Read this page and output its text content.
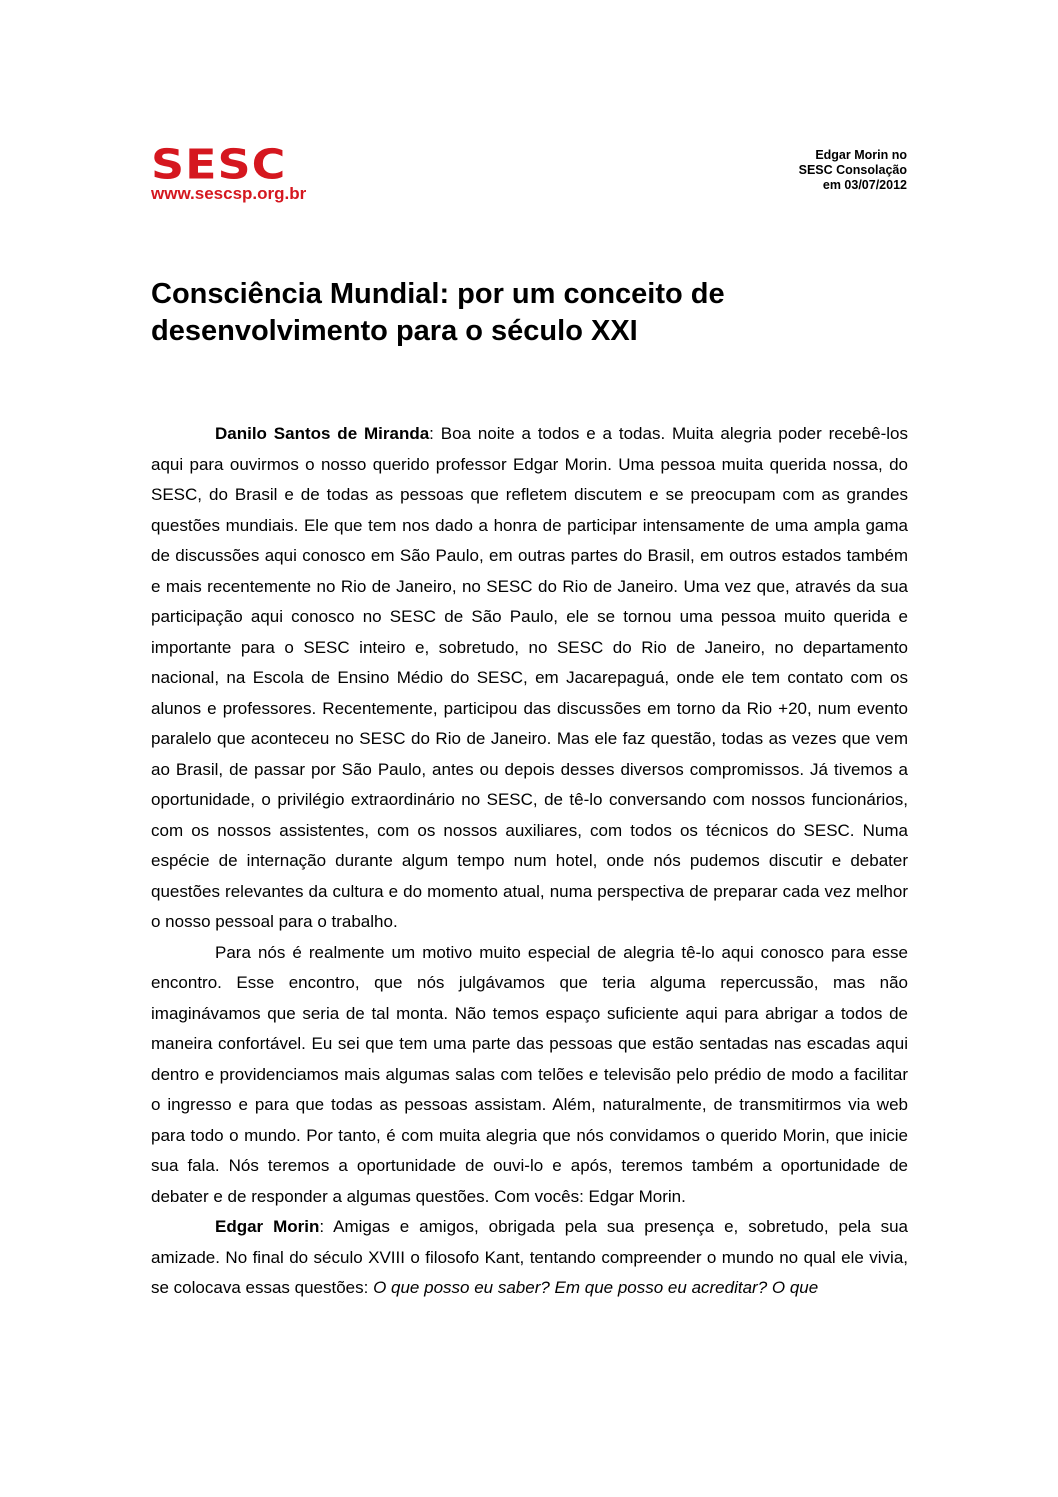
SESC
www.sescsp.org.br
Edgar Morin no
SESC Consolação
em 03/07/2012
Consciência Mundial: por um conceito de
desenvolvimento para o século XXI

Danilo Santos de Miranda: Boa noite a todos e a todas. Muita alegria poder recebê-los aqui para ouvirmos o nosso querido professor Edgar Morin. Uma pessoa muita querida nossa, do SESC, do Brasil e de todas as pessoas que refletem discutem e se preocupam com as grandes questões mundiais. Ele que tem nos dado a honra de participar intensamente de uma ampla gama de discussões aqui conosco em São Paulo, em outras partes do Brasil, em outros estados também e mais recentemente no Rio de Janeiro, no SESC do Rio de Janeiro. Uma vez que, através da sua participação aqui conosco no SESC de São Paulo, ele se tornou uma pessoa muito querida e importante para o SESC inteiro e, sobretudo, no SESC do Rio de Janeiro, no departamento nacional, na Escola de Ensino Médio do SESC, em Jacarepaguá, onde ele tem contato com os alunos e professores. Recentemente, participou das discussões em torno da Rio +20, num evento paralelo que aconteceu no SESC do Rio de Janeiro. Mas ele faz questão, todas as vezes que vem ao Brasil, de passar por São Paulo, antes ou depois desses diversos compromissos. Já tivemos a oportunidade, o privilégio extraordinário no SESC, de tê-lo conversando com nossos funcionários, com os nossos assistentes, com os nossos auxiliares, com todos os técnicos do SESC. Numa espécie de internação durante algum tempo num hotel, onde nós pudemos discutir e debater questões relevantes da cultura e do momento atual, numa perspectiva de preparar cada vez melhor o nosso pessoal para o trabalho.

Para nós é realmente um motivo muito especial de alegria tê-lo aqui conosco para esse encontro. Esse encontro, que nós julgávamos que teria alguma repercussão, mas não imaginávamos que seria de tal monta. Não temos espaço suficiente aqui para abrigar a todos de maneira confortável. Eu sei que tem uma parte das pessoas que estão sentadas nas escadas aqui dentro e providenciamos mais algumas salas com telões e televisão pelo prédio de modo a facilitar o ingresso e para que todas as pessoas assistam. Além, naturalmente, de transmitirmos via web para todo o mundo. Por tanto, é com muita alegria que nós convidamos o querido Morin, que inicie sua fala. Nós teremos a oportunidade de ouvi-lo e após, teremos também a oportunidade de debater e de responder a algumas questões. Com vocês: Edgar Morin.

Edgar Morin: Amigas e amigos, obrigada pela sua presença e, sobretudo, pela sua amizade. No final do século XVIII o filosofo Kant, tentando compreender o mundo no qual ele vivia, se colocava essas questões: O que posso eu saber? Em que posso eu acreditar? O que
